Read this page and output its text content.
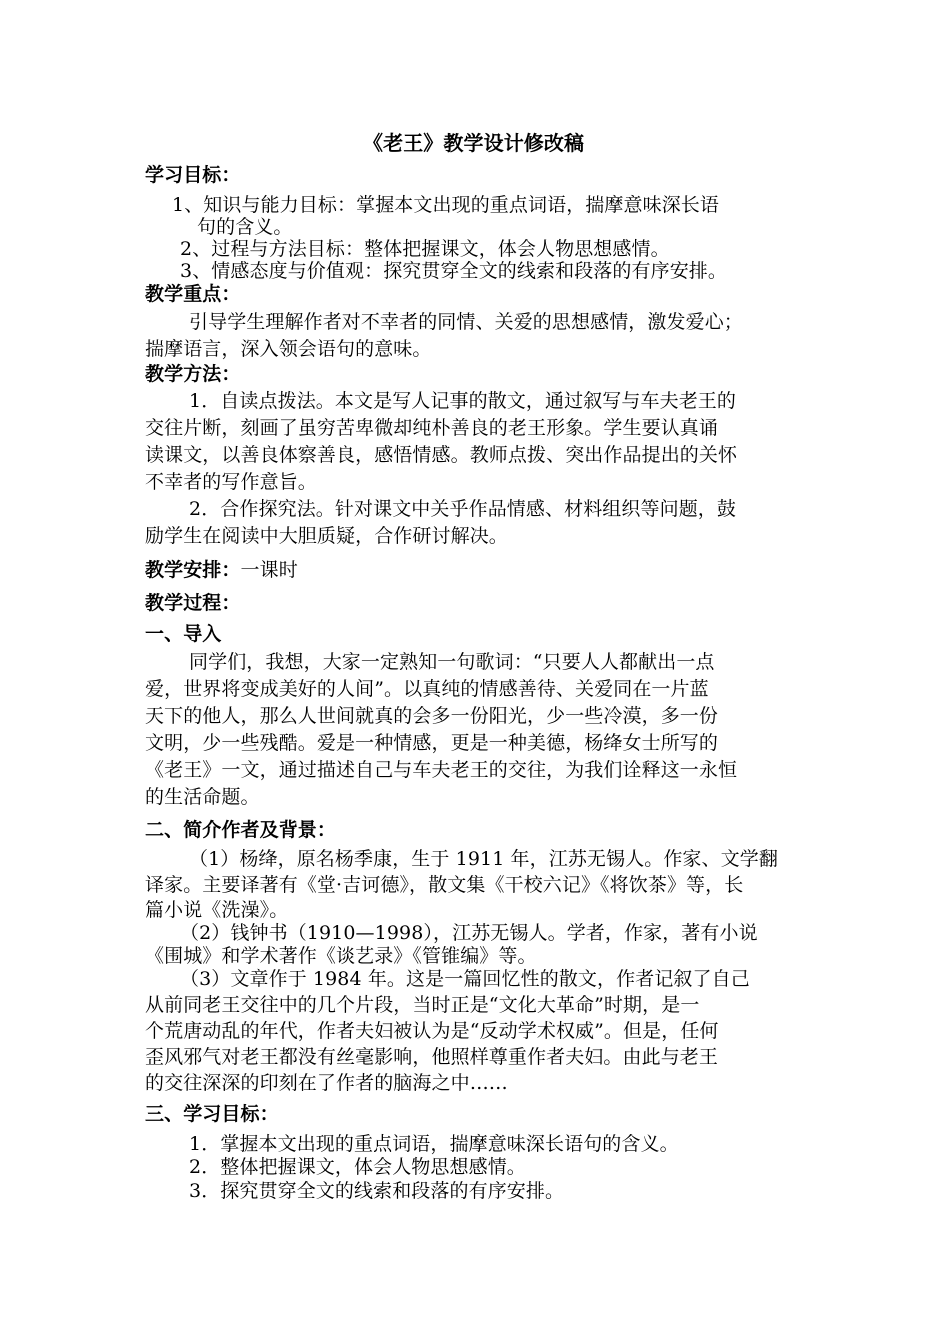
《老王》教学设计修改稿

学习目标：

1、知识与能力目标：掌握本文出现的重点词语，揣摩意味深长语

句的含义。

2、过程与方法目标：整体把握课文，体会人物思想感情。

3、情感态度与价值观：探究贯穿全文的线索和段落的有序安排。

教学重点：

引导学生理解作者对不幸者的同情、关爱的思想感情，激发爱心；

揣摩语言，深入领会语句的意味。

教学方法：

1．自读点拨法。本文是写人记事的散文，通过叙写与车夫老王的

交往片断，刻画了虽穷苦卑微却纯朴善良的老王形象。学生要认真诵

读课文，以善良体察善良，感悟情感。教师点拨、突出作品提出的关怀

不幸者的写作意旨。

2．合作探究法。针对课文中关乎作品情感、材料组织等问题，鼓

励学生在阅读中大胆质疑，合作研讨解决。

教学安排：一课时

教学过程：

一、导入

同学们，我想，大家一定熟知一句歌词：“只要人人都献出一点

爱，世界将变成美好的人间”。以真纯的情感善待、关爱同在一片蓝

天下的他人，那么人世间就真的会多一份阳光，少一些冷漠，多一份

文明，少一些残酷。爱是一种情感，更是一种美德，杨绛女士所写的

《老王》一文，通过描述自己与车夫老王的交往，为我们诠释这一永恒

的生活命题。

二、简介作者及背景：

（1）杨绛，原名杨季康，生于 1911 年，江苏无锡人。作家、文学翻

译家。主要译著有《堂·吉诃德》，散文集《干校六记》《将饮茶》等，长

篇小说《洗澡》。

（2）钱钟书（1910—1998），江苏无锡人。学者，作家，著有小说

《围城》和学术著作《谈艺录》《管锥编》等。

（3）文章作于 1984 年。这是一篇回忆性的散文，作者记叙了自己

从前同老王交往中的几个片段，当时正是“文化大革命”时期，是一

个荒唐动乱的年代，作者夫妇被认为是“反动学术权威”。但是，任何

歪风邪气对老王都没有丝毫影响，他照样尊重作者夫妇。由此与老王

的交往深深的印刻在了作者的脑海之中……

三、学习目标：

1．掌握本文出现的重点词语，揣摩意味深长语句的含义。

2．整体把握课文，体会人物思想感情。

3．探究贯穿全文的线索和段落的有序安排。
